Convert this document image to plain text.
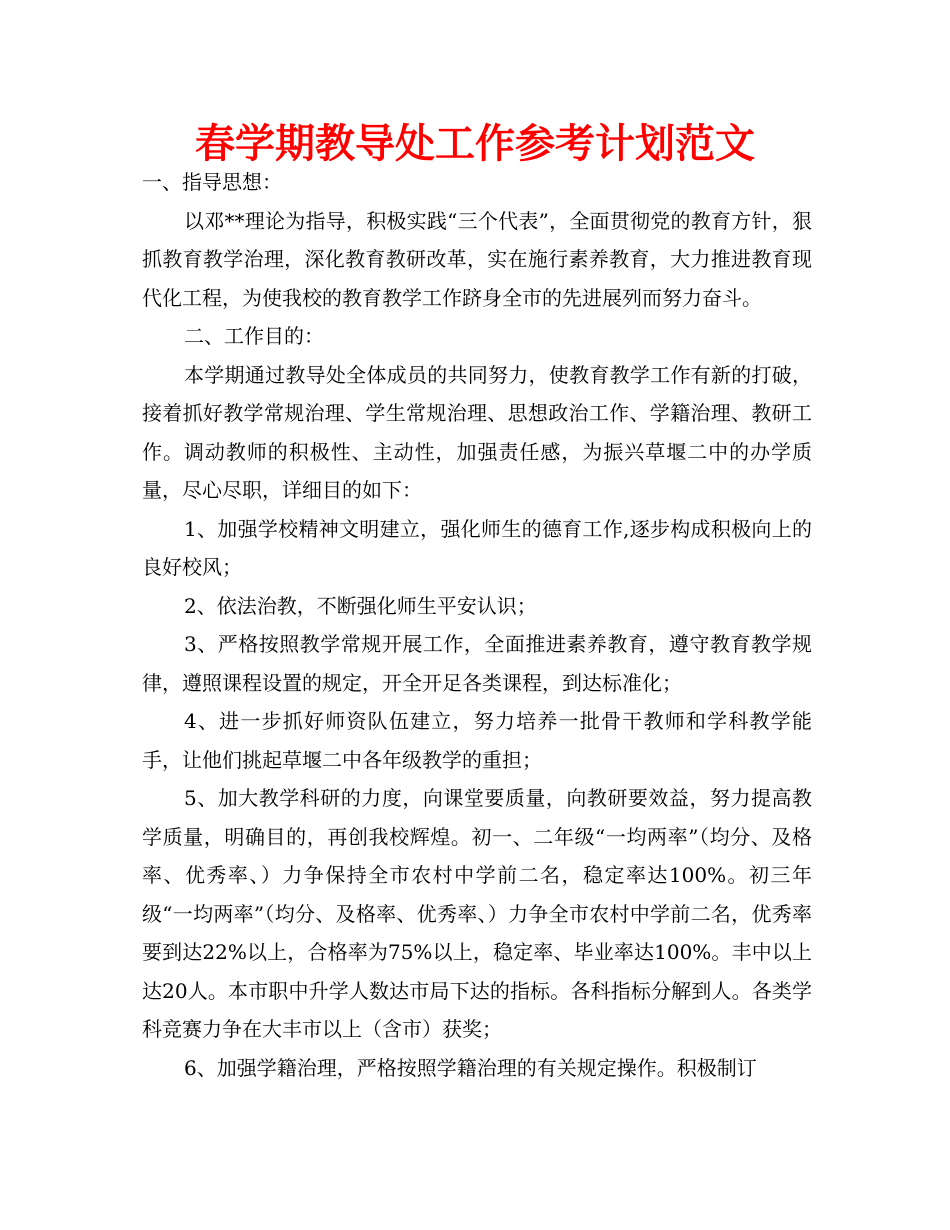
春学期教导处工作参考计划范文

一、指导思想：

以邓**理论为指导，积极实践“三个代表”，全面贯彻党的教育方针，狠抓教育教学治理，深化教育教研改革，实在施行素养教育，大力推进教育现代化工程，为使我校的教育教学工作跻身全市的先进展列而努力奋斗。

二、工作目的：

本学期通过教导处全体成员的共同努力，使教育教学工作有新的打破，接着抓好教学常规治理、学生常规治理、思想政治工作、学籍治理、教研工作。调动教师的积极性、主动性，加强责任感，为振兴草堰二中的办学质量，尽心尽职，详细目的如下：

1、加强学校精神文明建立，强化师生的德育工作,逐步构成积极向上的良好校风；

2、依法治教，不断强化师生平安认识；

3、严格按照教学常规开展工作，全面推进素养教育，遵守教育教学规律，遵照课程设置的规定，开全开足各类课程，到达标准化；

4、进一步抓好师资队伍建立，努力培养一批骨干教师和学科教学能手，让他们挑起草堰二中各年级教学的重担；

5、加大教学科研的力度，向课堂要质量，向教研要效益，努力提高教学质量，明确目的，再创我校辉煌。初一、二年级“一均两率”（均分、及格率、优秀率、）力争保持全市农村中学前二名，稳定率达100%。初三年级“一均两率”（均分、及格率、优秀率、）力争全市农村中学前二名，优秀率要到达22%以上，合格率为75%以上，稳定率、毕业率达100%。丰中以上达20人。本市职中升学人数达市局下达的指标。各科指标分解到人。各类学科竞赛力争在大丰市以上（含市）获奖；

6、加强学籍治理，严格按照学籍治理的有关规定操作。积极制订
